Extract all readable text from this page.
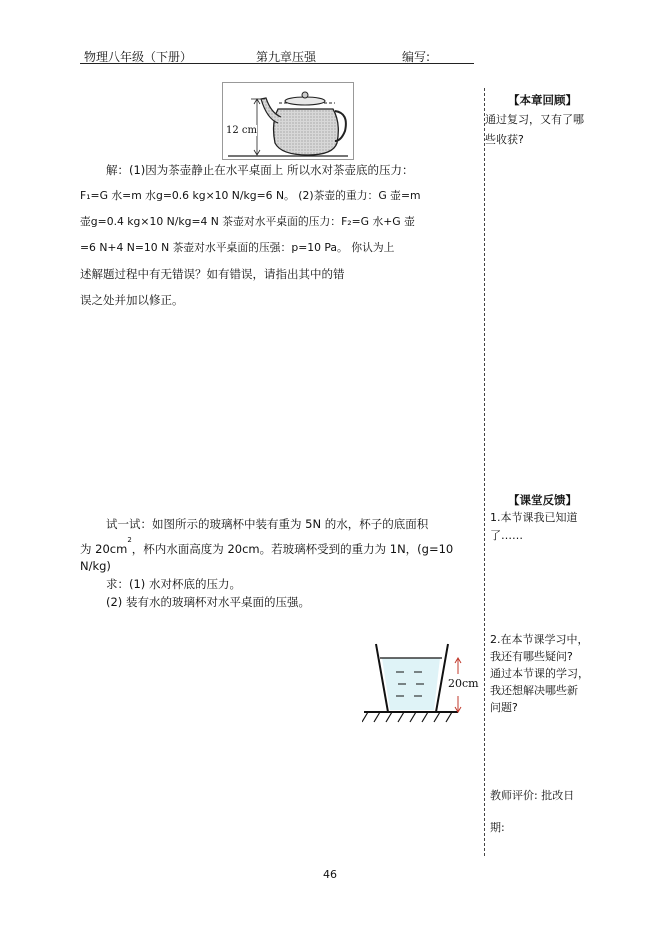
物理八年级（下册）	第九章压强	编写:
12 cm
解：(1)因为茶壶静止在水平桌面上 所以水对茶壶底的压力：
F₁=G 水=m 水g=0.6 kg×10 N/kg=6 N。 (2)茶壶的重力：G 壶=m
壶g=0.4 kg×10 N/kg=4 N 茶壶对水平桌面的压力：F₂=G 水+G 壶
=6 N+4 N=10 N 茶壶对水平桌面的压强：p=10 Pa。 你认为上
述解题过程中有无错误？如有错误，请指出其中的错
误之处并加以修正。
【本章回顾】
通过复习，又有了哪
些收获?
【课堂反馈】
1.本节课我已知道
了……
2.在本节课学习中，
我还有哪些疑问?
通过本节课的学习，
我还想解决哪些新
问题?
教师评价: 批改日
期:
试一试：如图所示的玻璃杯中装有重为 5N 的水，杯子的底面积
为 $20cm^2$，杯内水面高度为 20cm。若玻璃杯受到的重力为 1N，(g=10
N/kg)
求：(1) 水对杯底的压力。
(2) 装有水的玻璃杯对水平桌面的压强。
20cm
46
